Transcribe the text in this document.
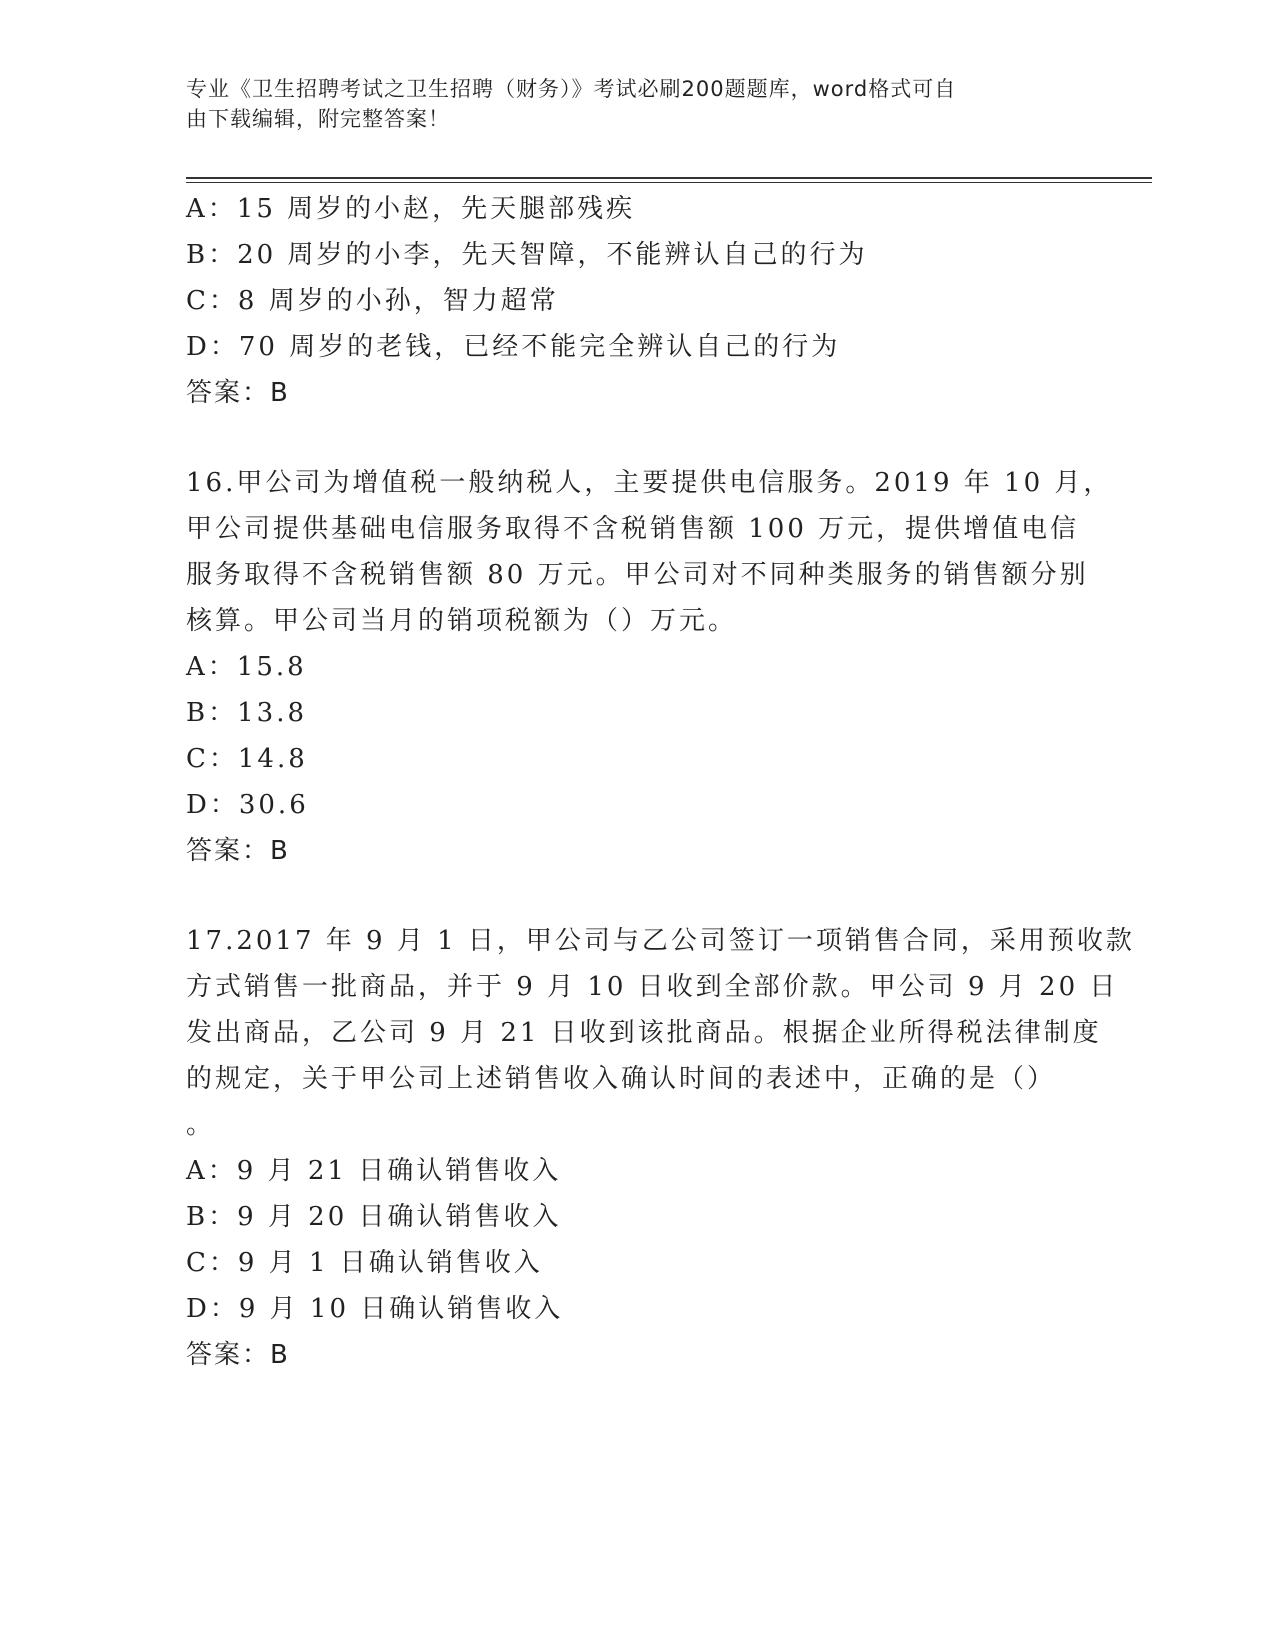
专业《卫生招聘考试之卫生招聘（财务）》考试必刷200题题库，word格式可自
由下载编辑，附完整答案！
A：15 周岁的小赵，先天腿部残疾
B：20 周岁的小李，先天智障，不能辨认自己的行为
C：8 周岁的小孙，智力超常
D：70 周岁的老钱，已经不能完全辨认自己的行为
答案：B
16.甲公司为增值税一般纳税人，主要提供电信服务。2019 年 10 月，
甲公司提供基础电信服务取得不含税销售额 100 万元，提供增值电信
服务取得不含税销售额 80 万元。甲公司对不同种类服务的销售额分别
核算。甲公司当月的销项税额为（）万元。
A：15.8
B：13.8
C：14.8
D：30.6
答案：B
17.2017 年 9 月 1 日，甲公司与乙公司签订一项销售合同，采用预收款
方式销售一批商品，并于 9 月 10 日收到全部价款。甲公司 9 月 20 日
发出商品，乙公司 9 月 21 日收到该批商品。根据企业所得税法律制度
的规定，关于甲公司上述销售收入确认时间的表述中，正确的是（）
。
A：9 月 21 日确认销售收入
B：9 月 20 日确认销售收入
C：9 月 1 日确认销售收入
D：9 月 10 日确认销售收入
答案：B
